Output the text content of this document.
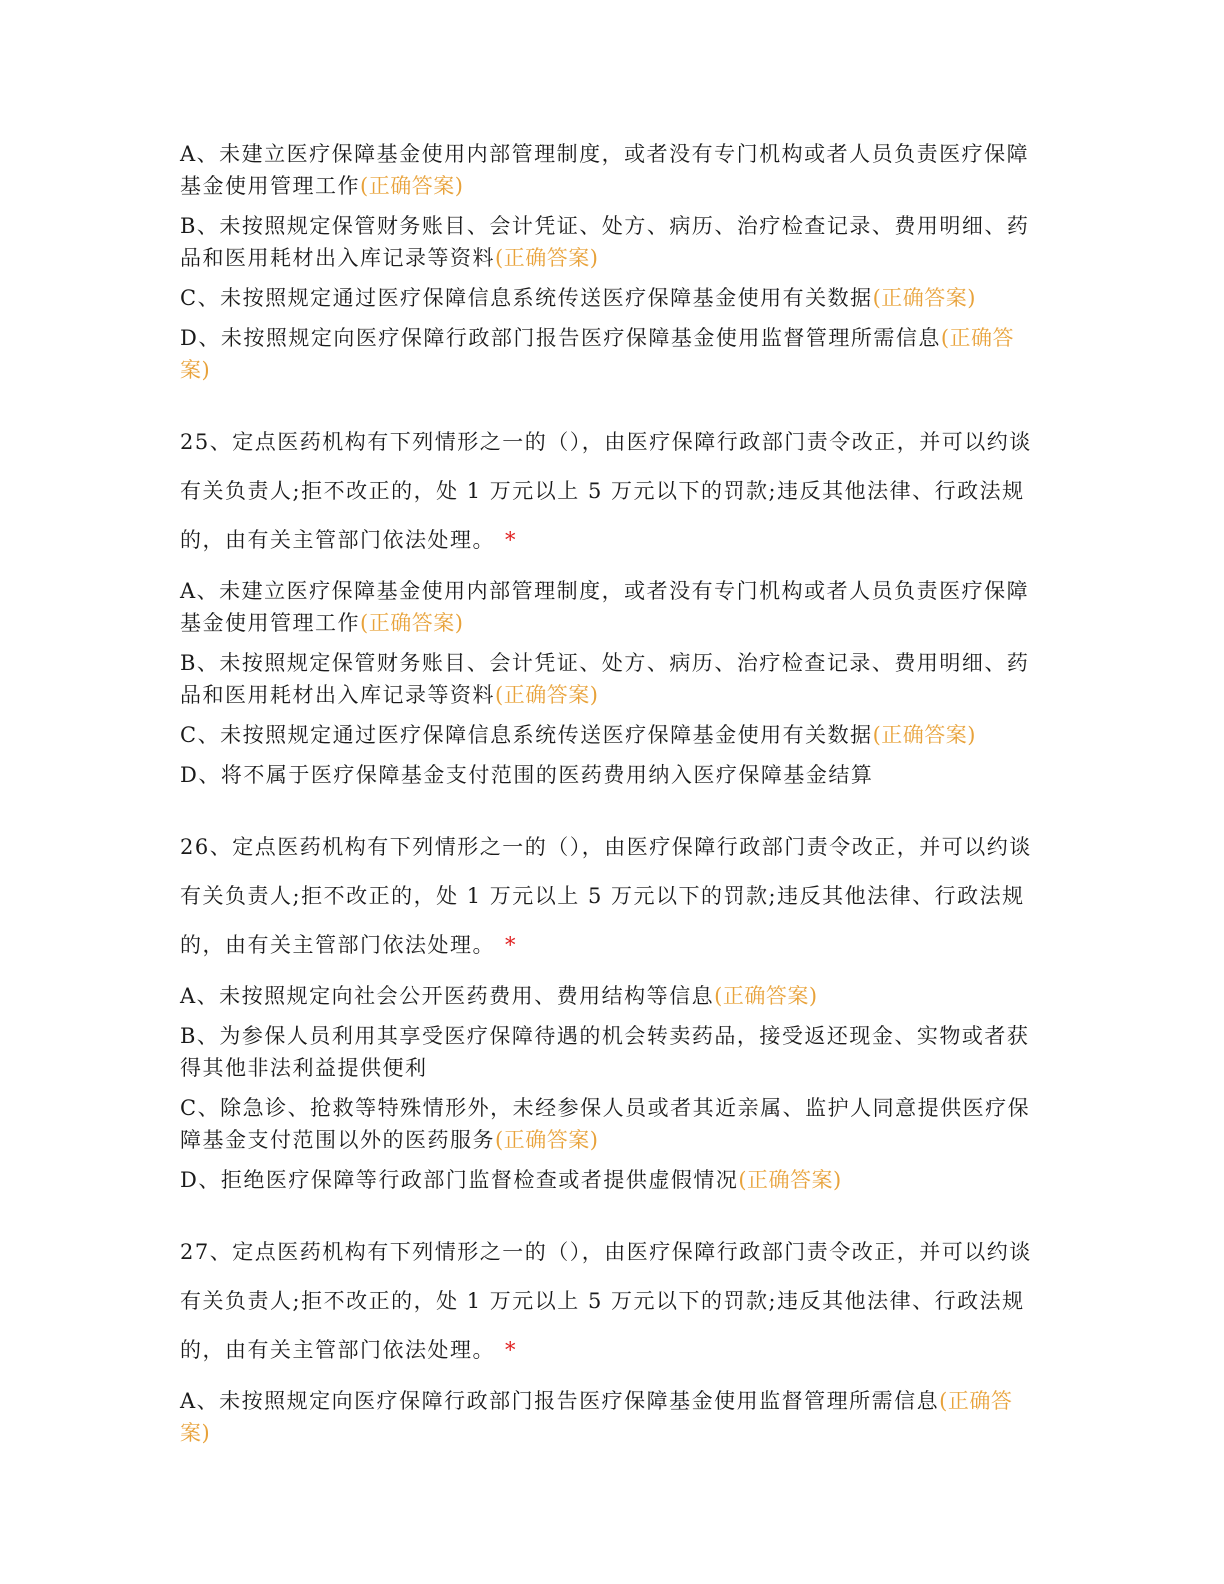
A、未建立医疗保障基金使用内部管理制度，或者没有专门机构或者人员负责医疗保障基金使用管理工作(正确答案)

B、未按照规定保管财务账目、会计凭证、处方、病历、治疗检查记录、费用明细、药品和医用耗材出入库记录等资料(正确答案)

C、未按照规定通过医疗保障信息系统传送医疗保障基金使用有关数据(正确答案)

D、未按照规定向医疗保障行政部门报告医疗保障基金使用监督管理所需信息(正确答案)

25、定点医药机构有下列情形之一的（），由医疗保障行政部门责令改正，并可以约谈有关负责人;拒不改正的，处 1 万元以上 5 万元以下的罚款;违反其他法律、行政法规的，由有关主管部门依法处理。 *

A、未建立医疗保障基金使用内部管理制度，或者没有专门机构或者人员负责医疗保障基金使用管理工作(正确答案)

B、未按照规定保管财务账目、会计凭证、处方、病历、治疗检查记录、费用明细、药品和医用耗材出入库记录等资料(正确答案)

C、未按照规定通过医疗保障信息系统传送医疗保障基金使用有关数据(正确答案)

D、将不属于医疗保障基金支付范围的医药费用纳入医疗保障基金结算

26、定点医药机构有下列情形之一的（），由医疗保障行政部门责令改正，并可以约谈有关负责人;拒不改正的，处 1 万元以上 5 万元以下的罚款;违反其他法律、行政法规的，由有关主管部门依法处理。 *

A、未按照规定向社会公开医药费用、费用结构等信息(正确答案)

B、为参保人员利用其享受医疗保障待遇的机会转卖药品，接受返还现金、实物或者获得其他非法利益提供便利

C、除急诊、抢救等特殊情形外，未经参保人员或者其近亲属、监护人同意提供医疗保障基金支付范围以外的医药服务(正确答案)

D、拒绝医疗保障等行政部门监督检查或者提供虚假情况(正确答案)

27、定点医药机构有下列情形之一的（），由医疗保障行政部门责令改正，并可以约谈有关负责人;拒不改正的，处 1 万元以上 5 万元以下的罚款;违反其他法律、行政法规的，由有关主管部门依法处理。 *

A、未按照规定向医疗保障行政部门报告医疗保障基金使用监督管理所需信息(正确答案)
